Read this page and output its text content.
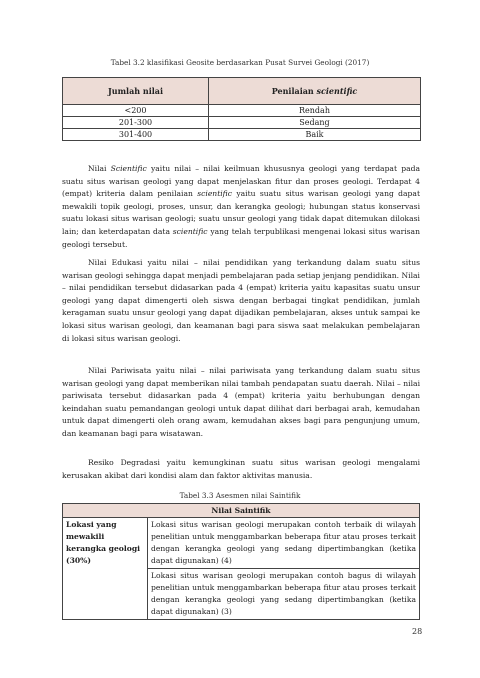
Tabel 3.2 klasifikasi Geosite berdasarkan Pusat Survei Geologi (2017)
Jumlah nilai	Penilaian scientific
<200	Rendah
201-300	Sedang
301-400	Baik

Nilai Scientific yaitu nilai – nilai keilmuan khususnya geologi yang terdapat pada suatu situs warisan geologi yang dapat menjelaskan fitur dan proses geologi. Terdapat 4 (empat) kriteria dalam penilaian scientific yaitu suatu situs warisan geologi yang dapat mewakili topik geologi, proses, unsur, dan kerangka geologi; hubungan status konservasi suatu lokasi situs warisan geologi; suatu unsur geologi yang tidak dapat ditemukan dilokasi lain; dan keterdapatan data scientific yang telah terpublikasi mengenai lokasi situs warisan geologi tersebut.

Nilai Edukasi yaitu nilai – nilai pendidikan yang terkandung dalam suatu situs warisan geologi sehingga dapat menjadi pembelajaran pada setiap jenjang pendidikan. Nilai – nilai pendidikan tersebut didasarkan pada 4 (empat) kriteria yaitu kapasitas suatu unsur geologi yang dapat dimengerti oleh siswa dengan berbagai tingkat pendidikan, jumlah keragaman suatu unsur geologi yang dapat dijadikan pembelajaran, akses untuk sampai ke lokasi situs warisan geologi, dan keamanan bagi para siswa saat melakukan pembelajaran di lokasi situs warisan geologi.

Nilai Pariwisata yaitu nilai – nilai pariwisata yang terkandung dalam suatu situs warisan geologi yang dapat memberikan nilai tambah pendapatan suatu daerah. Nilai – nilai pariwisata tersebut didasarkan pada 4 (empat) kriteria yaitu berhubungan dengan keindahan suatu pemandangan geologi untuk dapat dilihat dari berbagai arah, kemudahan untuk dapat dimengerti oleh orang awam, kemudahan akses bagi para pengunjung umum, dan keamanan bagi para wisatawan.

Resiko Degradasi yaitu kemungkinan suatu situs warisan geologi mengalami kerusakan akibat dari kondisi alam dan faktor aktivitas manusia.

Tabel 3.3 Asesmen nilai Saintifik
Nilai Saintifik
Lokasi yang mewakili kerangka geologi (30%)	Lokasi situs warisan geologi merupakan contoh terbaik di wilayah penelitian untuk menggambarkan beberapa fitur atau proses terkait dengan kerangka geologi yang sedang dipertimbangkan (ketika dapat digunakan) (4)
Lokasi situs warisan geologi merupakan contoh bagus di wilayah penelitian untuk menggambarkan beberapa fitur atau proses terkait dengan kerangka geologi yang sedang dipertimbangkan (ketika dapat digunakan) (3)
28
